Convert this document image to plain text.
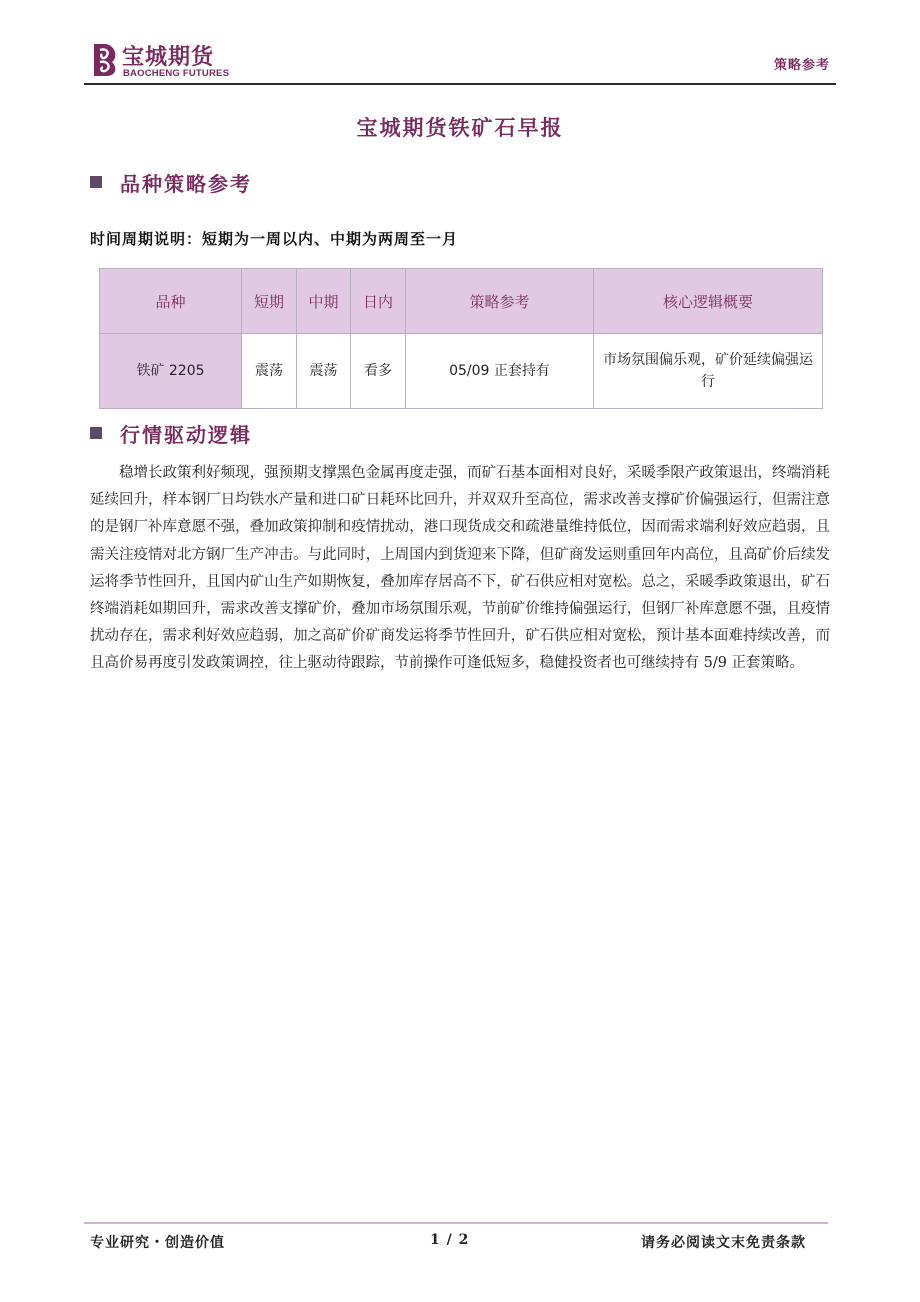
宝城期货
BAOCHENG FUTURES
策略参考
宝城期货铁矿石早报
品种策略参考
时间周期说明：短期为一周以内、中期为两周至一月
品种	短期	中期	日内	策略参考	核心逻辑概要
铁矿 2205	震荡	震荡	看多	05/09 正套持有	市场氛围偏乐观，矿价延续偏强运行
行情驱动逻辑

稳增长政策利好频现，强预期支撑黑色金属再度走强，而矿石基本面相对良好，采暖季限产政策退出，终端消耗延续回升，样本钢厂日均铁水产量和进口矿日耗环比回升，并双双升至高位，需求改善支撑矿价偏强运行，但需注意的是钢厂补库意愿不强，叠加政策抑制和疫情扰动，港口现货成交和疏港量维持低位，因而需求端利好效应趋弱，且需关注疫情对北方钢厂生产冲击。与此同时，上周国内到货迎来下降，但矿商发运则重回年内高位，且高矿价后续发运将季节性回升，且国内矿山生产如期恢复，叠加库存居高不下，矿石供应相对宽松。总之，采暖季政策退出，矿石终端消耗如期回升，需求改善支撑矿价，叠加市场氛围乐观，节前矿价维持偏强运行，但钢厂补库意愿不强，且疫情扰动存在，需求利好效应趋弱，加之高矿价矿商发运将季节性回升，矿石供应相对宽松，预计基本面难持续改善，而且高价易再度引发政策调控，往上驱动待跟踪，节前操作可逢低短多，稳健投资者也可继续持有 5/9 正套策略。

专业研究・创造价值	1 / 2	请务必阅读文末免责条款
